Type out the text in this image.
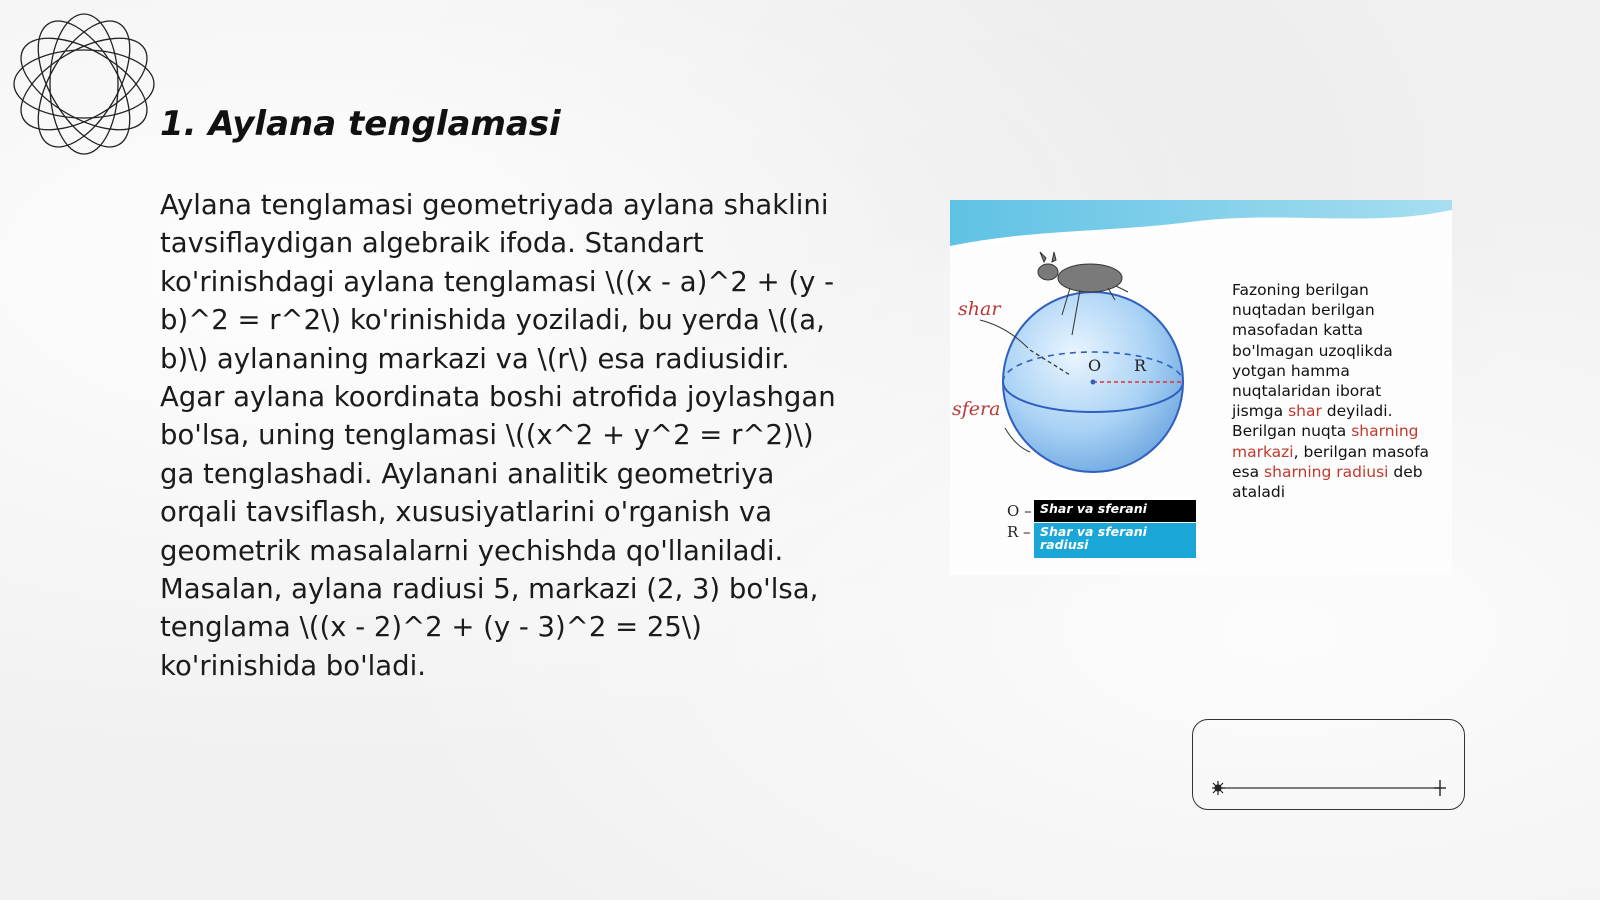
1. Aylana tenglamasi

Aylana tenglamasi geometriyada aylana shaklini tavsiflaydigan algebraik ifoda. Standart ko'rinishdagi aylana tenglamasi \((x - a)^2 + (y - b)^2 = r^2\) ko'rinishida yoziladi, bu yerda \((a, b)\) aylananing markazi va \(r\) esa radiusidir. Agar aylana koordinata boshi atrofida joylashgan bo'lsa, uning tenglamasi \((x^2 + y^2 = r^2)\) ga tenglashadi. Aylanani analitik geometriya orqali tavsiflash, xususiyatlarini o'rganish va geometrik masalalarni yechishda qo'llaniladi. Masalan, aylana radiusi 5, markazi (2, 3) bo'lsa, tenglama \((x - 2)^2 + (y - 3)^2 = 25\) ko'rinishida bo'ladi.

shar
sfera
O R
O –
R –
Shar va sferani
Shar va sferani radiusi

Fazoning berilgan nuqtadan berilgan masofadan katta bo'lmagan uzoqlikda yotgan hamma nuqtalaridan iborat jismga shar deyiladi. Berilgan nuqta sharning markazi, berilgan masofa esa sharning radiusi deb ataladi
